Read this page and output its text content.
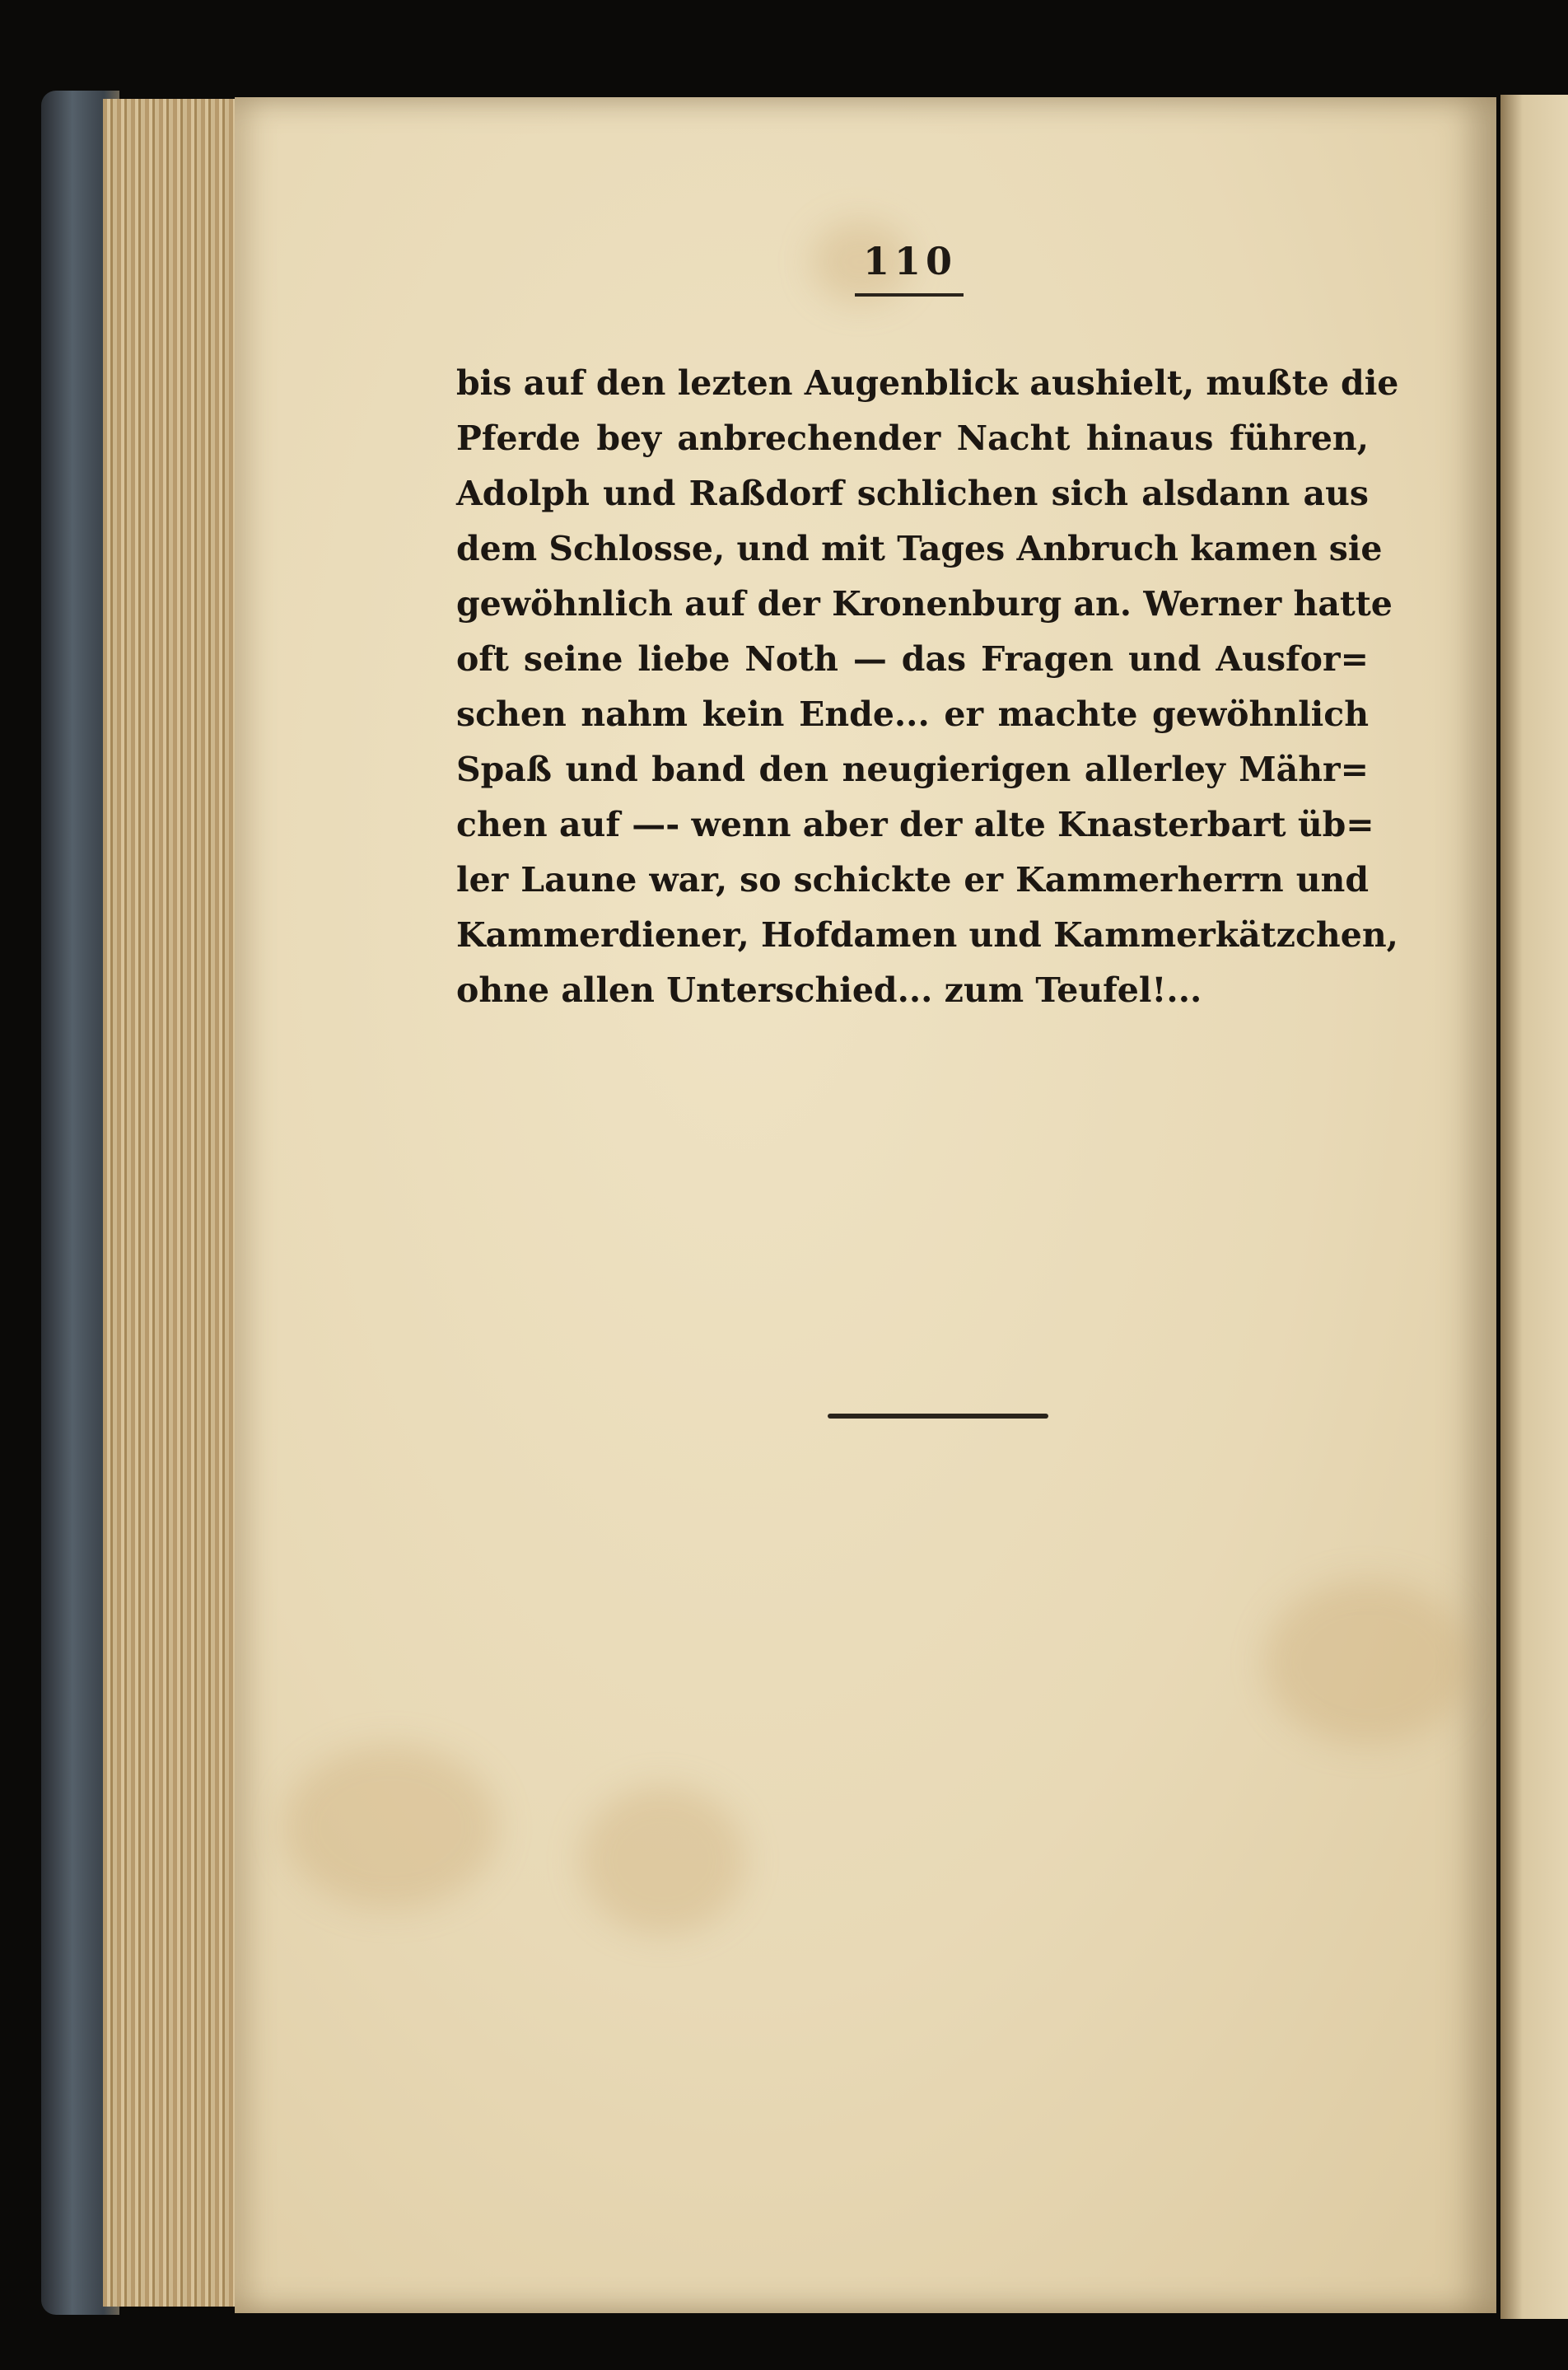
110
bis auf den lezten Augenblick aushielt, mußte die
Pferde bey anbrechender Nacht hinaus führen,
Adolph und Raßdorf schlichen sich alsdann aus
dem Schlosse, und mit Tages Anbruch kamen sie
gewöhnlich auf der Kronenburg an. Werner hatte
oft seine liebe Noth — das Fragen und Ausfor=
schen nahm kein Ende... er machte gewöhnlich
Spaß und band den neugierigen allerley Mähr=
chen auf —- wenn aber der alte Knasterbart üb=
ler Laune war, so schickte er Kammerherrn und
Kammerdiener, Hofdamen und Kammerkätzchen,
ohne allen Unterschied... zum Teufel!...
